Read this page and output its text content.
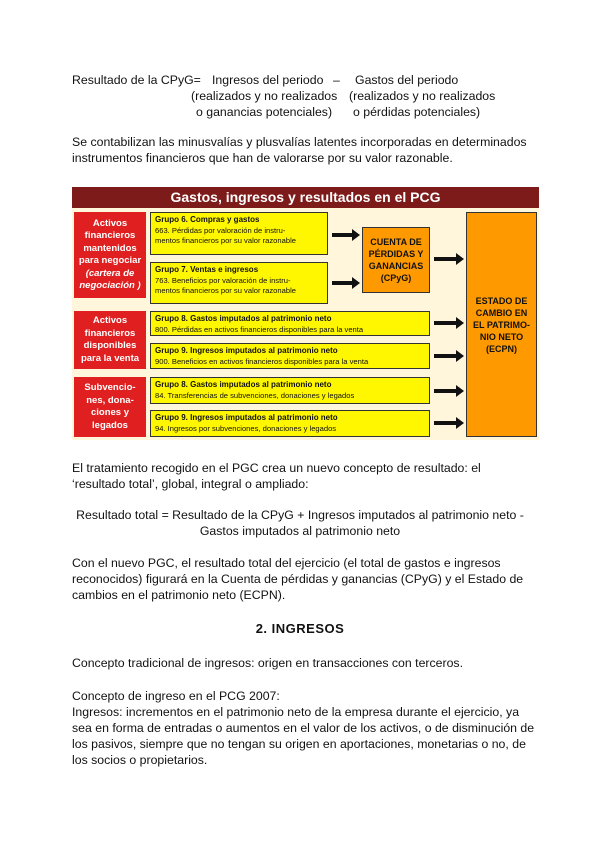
Resultado de la CPyG= Ingresos del periodo – Gastos del periodo
(realizados y no realizados
o ganancias potenciales)
(realizados y no realizados
o pérdidas potenciales)
Se contabilizan las minusvalías y plusvalías latentes incorporadas en determinados
instrumentos financieros que han de valorarse por su valor razonable.
Gastos, ingresos y resultados en el PCG
Activos
financieros
mantenidos
para negociar
(cartera de
negociación )
Activos
financieros
disponibles
para la venta
Subvencio-
nes, dona-
ciones y
legados
Grupo 6. Compras y gastos
663. Pérdidas por valoración de instru-
mentos financieros por su valor razonable
Grupo 7. Ventas e ingresos
763. Beneficios por valoración de instru-
mentos financieros por su valor razonable
Grupo 8. Gastos imputados al patrimonio neto
800. Pérdidas en activos financieros disponibles para la venta
Grupo 9. Ingresos imputados al patrimonio neto
900. Beneficios en activos financieros disponibles para la venta
Grupo 8. Gastos imputados al patrimonio neto
84. Transferencias de subvenciones, donaciones y legados
Grupo 9. Ingresos imputados al patrimonio neto
94. Ingresos por subvenciones, donaciones y legados
CUENTA DE
PÉRDIDAS Y
GANANCIAS
(CPyG)
ESTADO DE
CAMBIO EN
EL PATRIMO-
NIO NETO
(ECPN)
El tratamiento recogido en el PGC crea un nuevo concepto de resultado: el
‘resultado total’, global, integral o ampliado:
Resultado total = Resultado de la CPyG + Ingresos imputados al patrimonio neto -
Gastos imputados al patrimonio neto
Con el nuevo PGC, el resultado total del ejercicio (el total de gastos e ingresos
reconocidos) figurará en la Cuenta de pérdidas y ganancias (CPyG) y el Estado de
cambios en el patrimonio neto (ECPN).
2. INGRESOS
Concepto tradicional de ingresos: origen en transacciones con terceros.
Concepto de ingreso en el PCG 2007:
Ingresos: incrementos en el patrimonio neto de la empresa durante el ejercicio, ya
sea en forma de entradas o aumentos en el valor de los activos, o de disminución de
los pasivos, siempre que no tengan su origen en aportaciones, monetarias o no, de
los socios o propietarios.
